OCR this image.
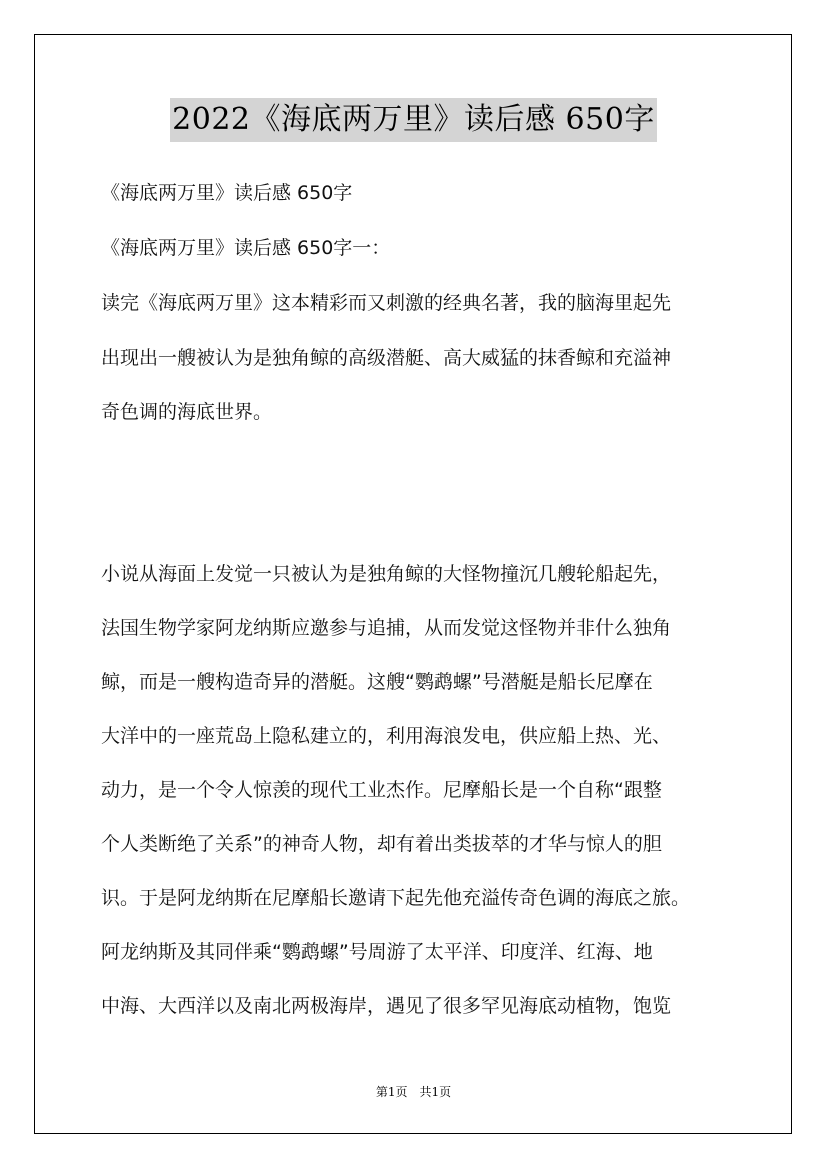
2022《海底两万里》读后感 650字
《海底两万里》读后感 650字
《海底两万里》读后感 650字一：
读完《海底两万里》这本精彩而又刺激的经典名著，我的脑海里起先
出现出一艘被认为是独角鲸的高级潜艇、高大威猛的抹香鲸和充溢神
奇色调的海底世界。
小说从海面上发觉一只被认为是独角鲸的大怪物撞沉几艘轮船起先，
法国生物学家阿龙纳斯应邀参与追捕，从而发觉这怪物并非什么独角
鲸，而是一艘构造奇异的潜艇。这艘“鹦鹉螺”号潜艇是船长尼摩在
大洋中的一座荒岛上隐私建立的，利用海浪发电，供应船上热、光、
动力，是一个令人惊羡的现代工业杰作。尼摩船长是一个自称“跟整
个人类断绝了关系”的神奇人物，却有着出类拔萃的才华与惊人的胆
识。于是阿龙纳斯在尼摩船长邀请下起先他充溢传奇色调的海底之旅。
阿龙纳斯及其同伴乘“鹦鹉螺”号周游了太平洋、印度洋、红海、地
中海、大西洋以及南北两极海岸，遇见了很多罕见海底动植物，饱览
第1页　共1页
